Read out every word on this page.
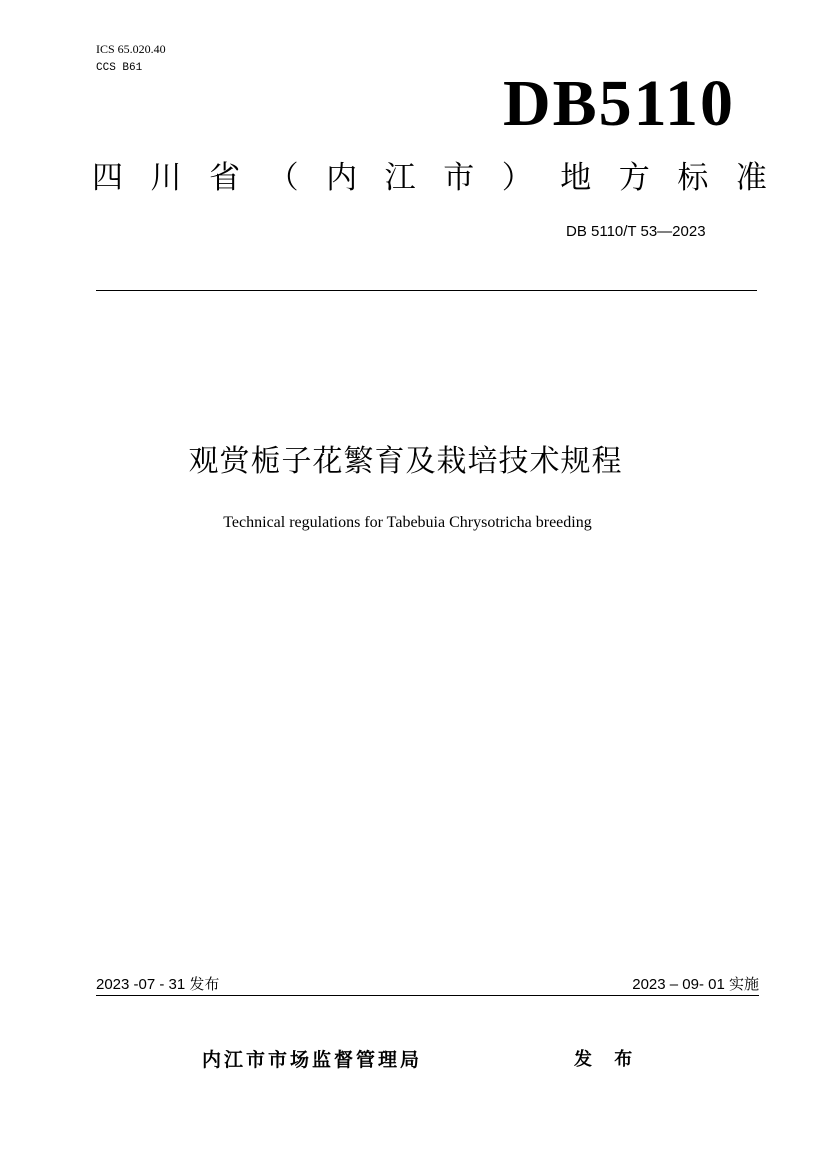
ICS 65.020.40
CCS B61	DB5110
四 川 省 （ 内 江 市 ） 地 方 标 准
DB 5110/T 53—2023
观赏栀子花繁育及栽培技术规程
Technical regulations for Tabebuia Chrysotricha breeding
2023 -07 - 31 发布	2023 – 09- 01 实施
内江市市场监督管理局	发 布
